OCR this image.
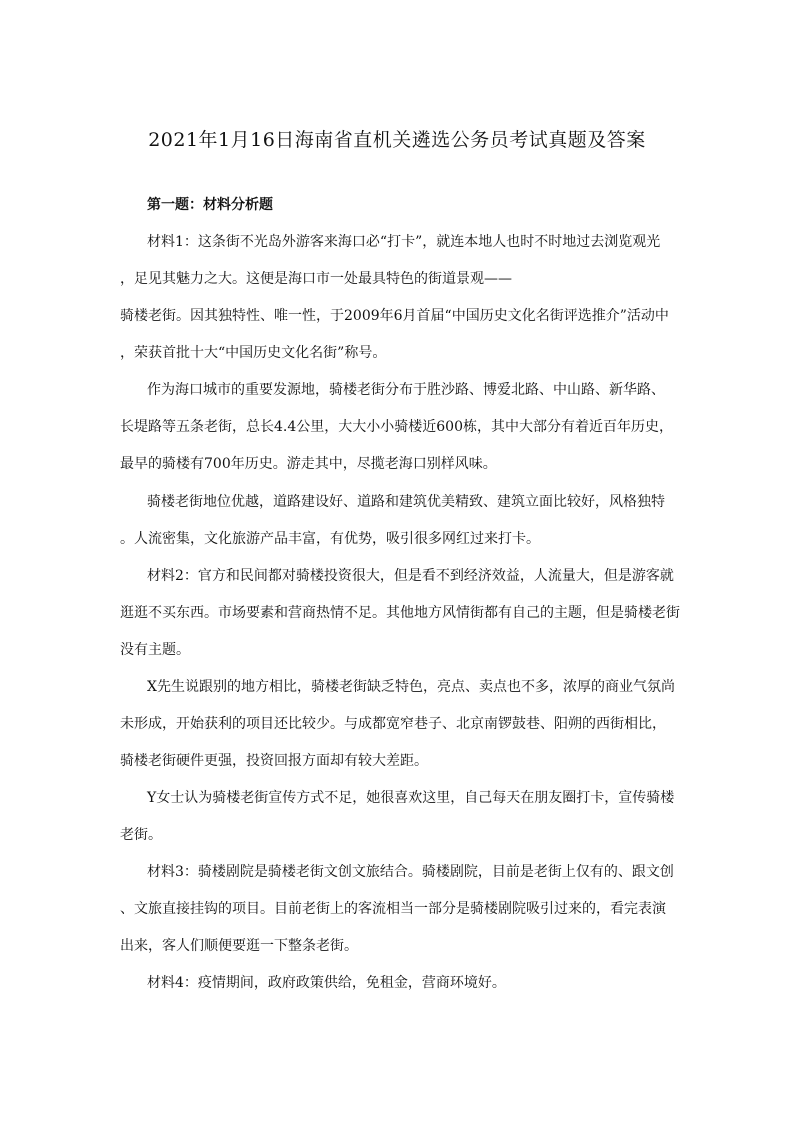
2021年1月16日海南省直机关遴选公务员考试真题及答案
第一题：材料分析题
材料1：这条街不光岛外游客来海口必“打卡”，就连本地人也时不时地过去浏览观光
，足见其魅力之大。这便是海口市一处最具特色的街道景观——
骑楼老街。因其独特性、唯一性，于2009年6月首届“中国历史文化名街评选推介”活动中
，荣获首批十大“中国历史文化名街”称号。
作为海口城市的重要发源地，骑楼老街分布于胜沙路、博爱北路、中山路、新华路、
长堤路等五条老街，总长4.4公里，大大小小骑楼近600栋，其中大部分有着近百年历史，
最早的骑楼有700年历史。游走其中，尽揽老海口别样风味。
骑楼老街地位优越，道路建设好、道路和建筑优美精致、建筑立面比较好，风格独特
。人流密集，文化旅游产品丰富，有优势，吸引很多网红过来打卡。
材料2：官方和民间都对骑楼投资很大，但是看不到经济效益，人流量大，但是游客就
逛逛不买东西。市场要素和营商热情不足。其他地方风情街都有自己的主题，但是骑楼老街
没有主题。
X先生说跟别的地方相比，骑楼老街缺乏特色，亮点、卖点也不多，浓厚的商业气氛尚
未形成，开始获利的项目还比较少。与成都宽窄巷子、北京南锣鼓巷、阳朔的西街相比，
骑楼老街硬件更强，投资回报方面却有较大差距。
Y女士认为骑楼老街宣传方式不足，她很喜欢这里，自己每天在朋友圈打卡，宣传骑楼
老街。
材料3：骑楼剧院是骑楼老街文创文旅结合。骑楼剧院，目前是老街上仅有的、跟文创
、文旅直接挂钩的项目。目前老街上的客流相当一部分是骑楼剧院吸引过来的，看完表演
出来，客人们顺便要逛一下整条老街。
材料4：疫情期间，政府政策供给，免租金，营商环境好。
